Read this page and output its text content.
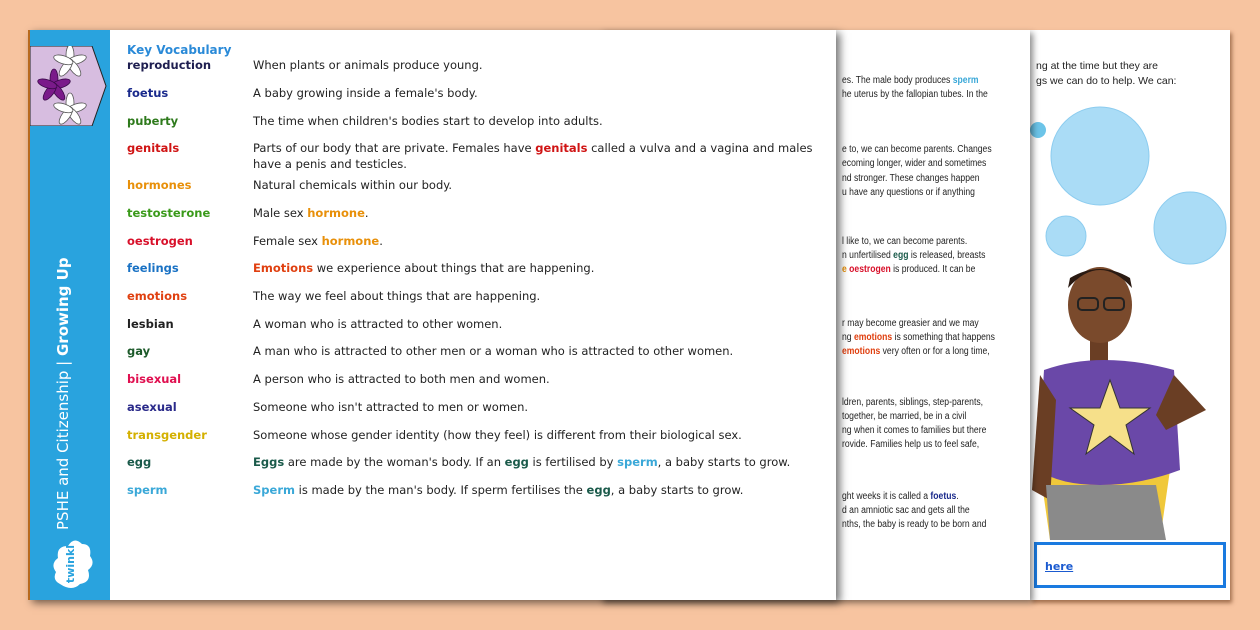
ng at the time but they are
gs we can do to help. We can:
here
es. The male body produces sperm
he uterus by the fallopian tubes. In the
e to, we can become parents. Changes
ecoming longer, wider and sometimes
nd stronger. These changes happen
u have any questions or if anything
l like to, we can become parents.
n unfertilised egg is released, breasts
e oestrogen is produced. It can be
r may become greasier and we may
ng emotions is something that happens
emotions very often or for a long time,
ldren, parents, siblings, step-parents,
together, be married, be in a civil
ng when it comes to families but there
rovide. Families help us to feel safe,
ght weeks it is called a foetus.
d an amniotic sac and gets all the
nths, the baby is ready to be born and
PSHE and Citizenship | Growing Up
twinkl
Key Vocabulary
reproduction	When plants or animals produce young.
foetus	A baby growing inside a female's body.
puberty	The time when children's bodies start to develop into adults.
genitals	Parts of our body that are private. Females have genitals called a vulva and a vagina and males have a penis and testicles.
hormones	Natural chemicals within our body.
testosterone	Male sex hormone.
oestrogen	Female sex hormone.
feelings	Emotions we experience about things that are happening.
emotions	The way we feel about things that are happening.
lesbian	A woman who is attracted to other women.
gay	A man who is attracted to other men or a woman who is attracted to other women.
bisexual	A person who is attracted to both men and women.
asexual	Someone who isn't attracted to men or women.
transgender	Someone whose gender identity (how they feel) is different from their biological sex.
egg	Eggs are made by the woman's body. If an egg is fertilised by sperm, a baby starts to grow.
sperm	Sperm is made by the man's body. If sperm fertilises the egg, a baby starts to grow.
